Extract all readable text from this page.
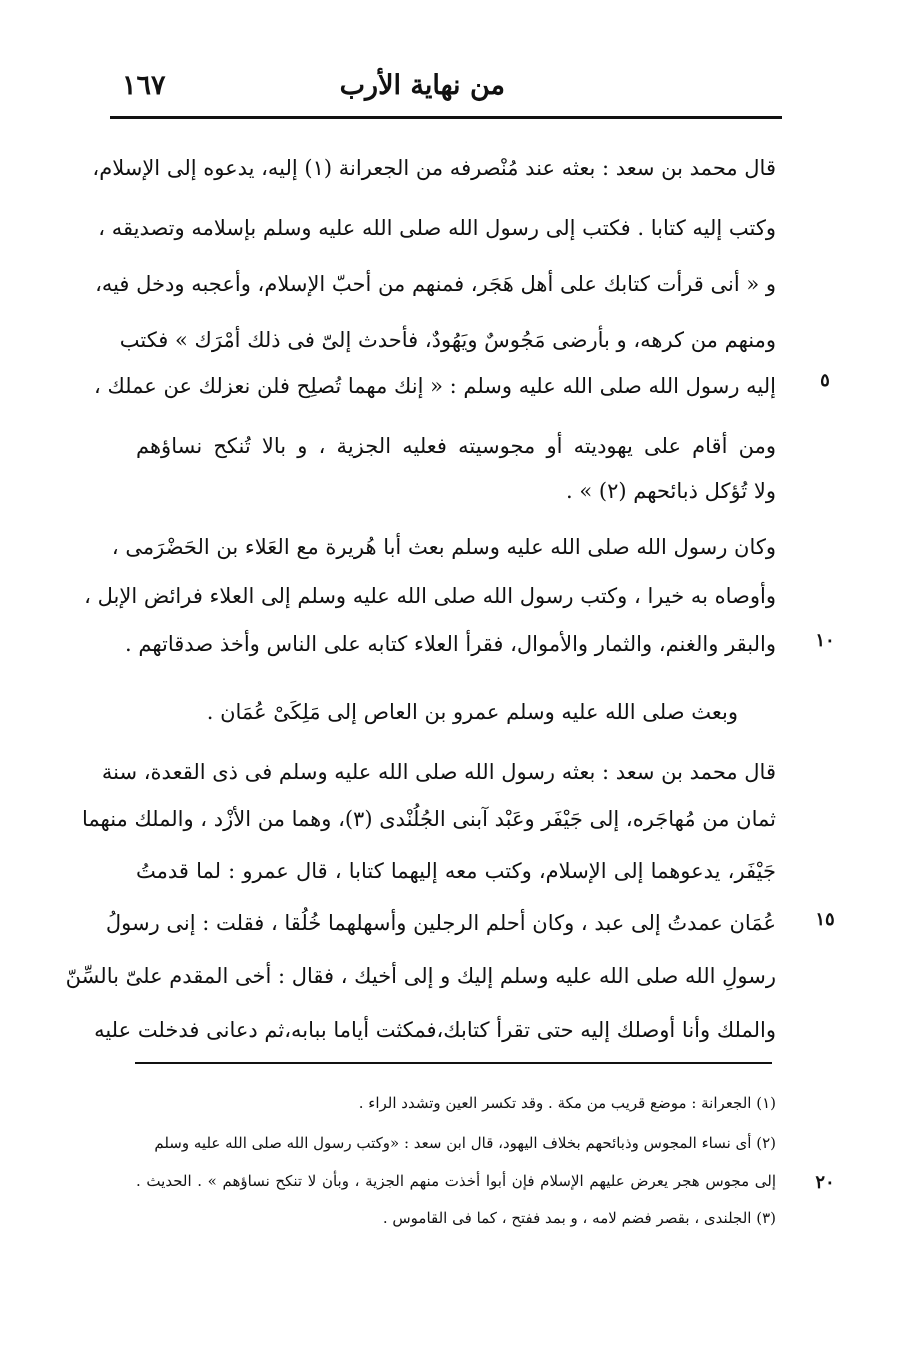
من نهاية الأرب
١٦٧
قال محمد بن سعد : بعثه عند مُنْصرفه من الجعرانة (١) إليه، يدعوه إلى الإسلام،
وكتب إليه كتابا . فكتب إلى رسول الله صلى الله عليه وسلم بإسلامه وتصديقه ،
و « أنى قرأت كتابك على أهل هَجَر، فمنهم من أحبّ الإسلام، وأعجبه ودخل فيه،
ومنهم من كرهه، و بأرضى مَجُوسٌ ويَهُودٌ، فأحدث إلىّ فى ذلك أمْرَك » فكتب
إليه رسول الله صلى الله عليه وسلم : « إنك مهما تُصلِح فلن نعزلك عن عملك ،
ومن أقام على يهوديته أو مجوسيته فعليه الجزية ، و بالا تُنكح نساؤهم
ولا تُؤكل ذبائحهم (٢) » .
وكان رسول الله صلى الله عليه وسلم بعث أبا هُريرة مع العَلاء بن الحَضْرَمى ،
وأوصاه به خيرا ، وكتب رسول الله صلى الله عليه وسلم إلى العلاء فرائض الإبل ،
والبقر والغنم، والثمار والأموال، فقرأ العلاء كتابه على الناس وأخذ صدقاتهم .
وبعث صلى الله عليه وسلم عمرو بن العاص إلى مَلِكَىْ عُمَان .
قال محمد بن سعد : بعثه رسول الله صلى الله عليه وسلم فى ذى القعدة، سنة
ثمان من مُهاجَره، إلى جَيْفَر وعَبْد آبنى الجُلُنْدى (٣)، وهما من الأزْد ، والملك منهما
جَيْفَر، يدعوهما إلى الإسلام، وكتب معه إليهما كتابا ، قال عمرو : لما قدمتُ
عُمَان عمدتُ إلى عبد ، وكان أحلم الرجلين وأسهلهما خُلُقا ، فقلت : إنى رسولُ
رسولِ الله صلى الله عليه وسلم إليك و إلى أخيك ، فقال : أخى المقدم علىّ بالسِّنّ
والملك وأنا أوصلك إليه حتى تقرأ كتابك،فمكثت أياما ببابه،ثم دعانى فدخلت عليه
٥
١٠
١٥
٢٠
(١) الجعرانة : موضع قريب من مكة . وقد تكسر العين وتشدد الراء .
(٢) أى نساء المجوس وذبائحهم بخلاف اليهود، قال ابن سعد : «وكتب رسول الله صلى الله عليه وسلم
إلى مجوس هجر يعرض عليهم الإسلام فإن أبوا أخذت منهم الجزية ، وبأن لا تنكح نساؤهم » . الحديث .
(٣) الجلندى ، بقصر فضم لامه ، و بمد ففتح ، كما فى القاموس .
